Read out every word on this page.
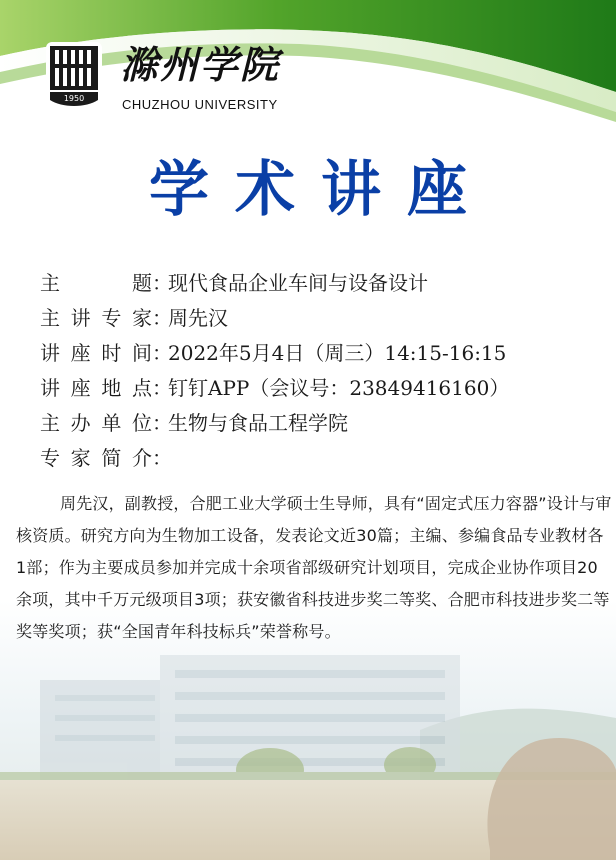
1950
滁州学院
CHUZHOU UNIVERSITY
学术讲座
主 题 ：
现代食品企业车间与设备设计
主讲专家 ：
周先汉
讲座时间 ：
2022年5月4日（周三）14:15-16:15
讲座地点 ：
钉钉APP（会议号：23849416160）
主办单位 ：
生物与食品工程学院
专家简介 ：
周先汉，副教授，合肥工业大学硕士生导师，具有“固定式压力容器”设计与审核资质。研究方向为生物加工设备，发表论文近30篇；主编、参编食品专业教材各1部；作为主要成员参加并完成十余项省部级研究计划项目，完成企业协作项目20余项，其中千万元级项目3项；获安徽省科技进步奖二等奖、合肥市科技进步奖二等奖等奖项；获“全国青年科技标兵”荣誉称号。
